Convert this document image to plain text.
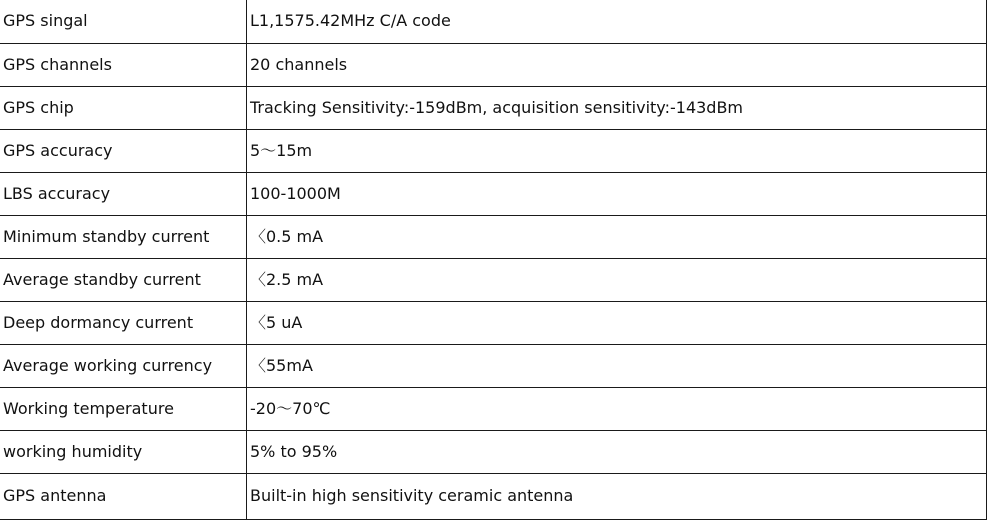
GPS singal	L1,1575.42MHz C/A code
GPS channels	20 channels
GPS chip	Tracking Sensitivity:-159dBm, acquisition sensitivity:-143dBm
GPS accuracy	5～15m
LBS accuracy	100-1000M
Minimum standby current	〈0.5 mA
Average standby current	〈2.5 mA
Deep dormancy current	〈5 uA
Average working currency	〈55mA
Working temperature	-20～70℃
working humidity	5% to 95%
GPS antenna	Built-in high sensitivity ceramic antenna
